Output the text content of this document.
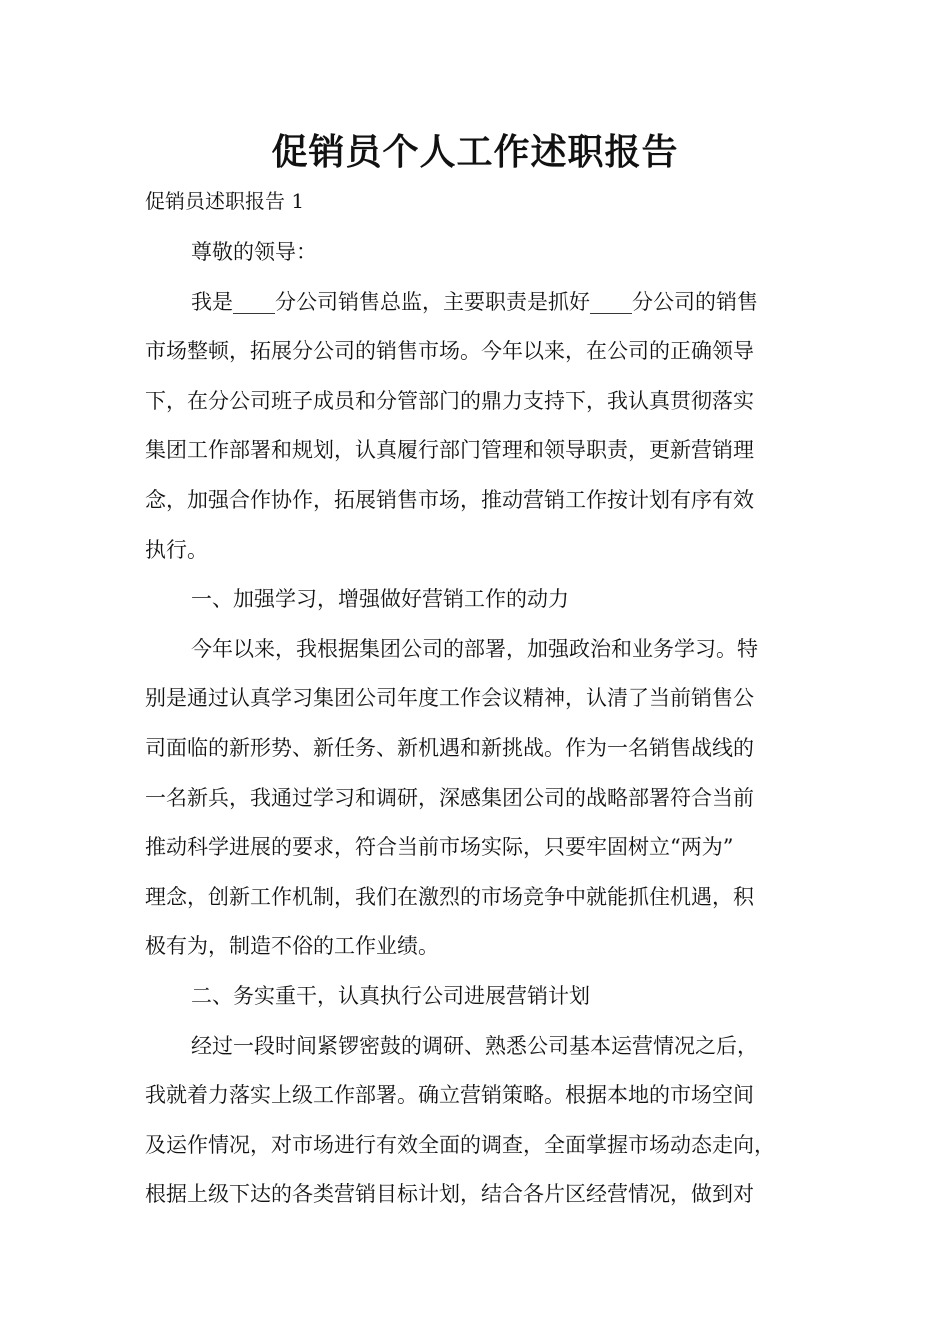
促销员个人工作述职报告
促销员述职报告 1
尊敬的领导：
我是____分公司销售总监，主要职责是抓好____分公司的销售
市场整顿，拓展分公司的销售市场。今年以来，在公司的正确领导
下，在分公司班子成员和分管部门的鼎力支持下，我认真贯彻落实
集团工作部署和规划，认真履行部门管理和领导职责，更新营销理
念，加强合作协作，拓展销售市场，推动营销工作按计划有序有效
执行。
一、加强学习，增强做好营销工作的动力
今年以来，我根据集团公司的部署，加强政治和业务学习。特
别是通过认真学习集团公司年度工作会议精神，认清了当前销售公
司面临的新形势、新任务、新机遇和新挑战。作为一名销售战线的
一名新兵，我通过学习和调研，深感集团公司的战略部署符合当前
推动科学进展的要求，符合当前市场实际，只要牢固树立“两为”
理念，创新工作机制，我们在激烈的市场竞争中就能抓住机遇，积
极有为，制造不俗的工作业绩。
二、务实重干，认真执行公司进展营销计划
经过一段时间紧锣密鼓的调研、熟悉公司基本运营情况之后，
我就着力落实上级工作部署。确立营销策略。根据本地的市场空间
及运作情况，对市场进行有效全面的调查，全面掌握市场动态走向，
根据上级下达的各类营销目标计划，结合各片区经营情况，做到对
